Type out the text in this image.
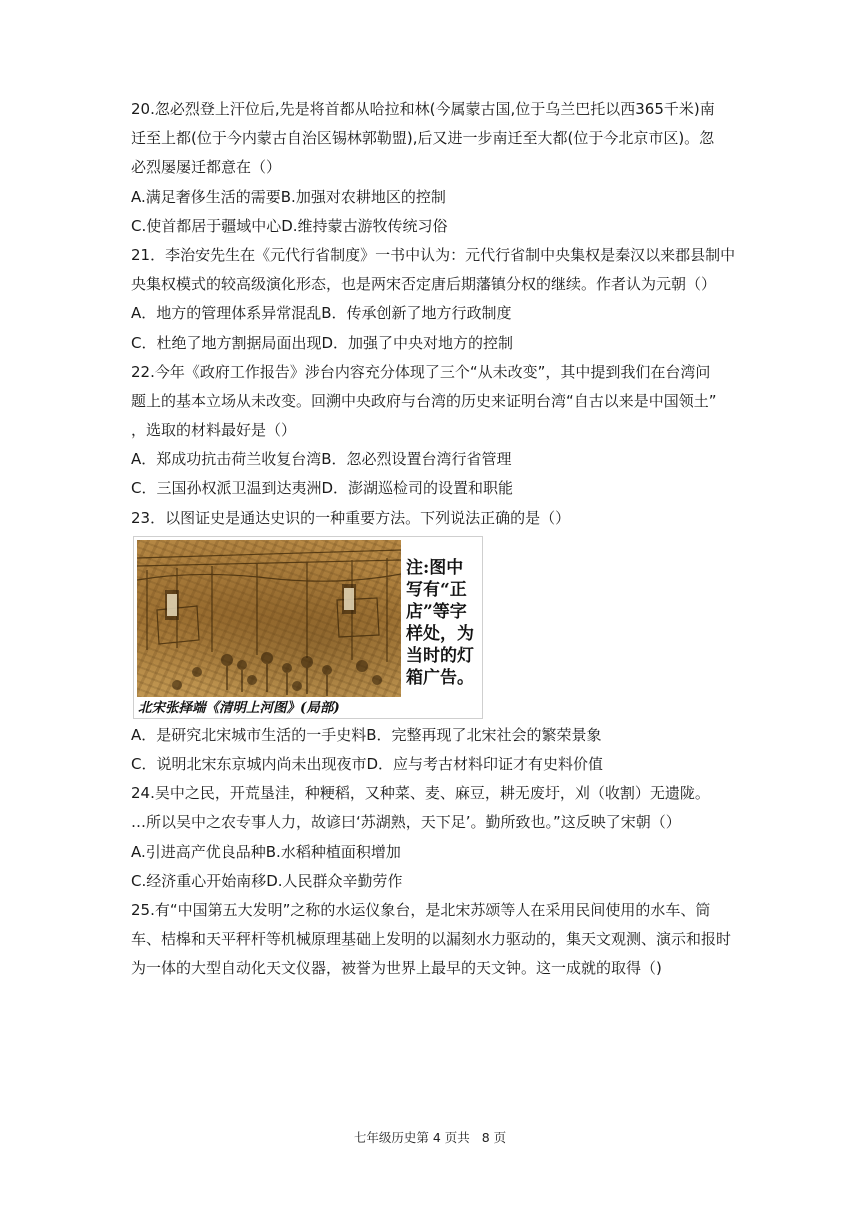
20.忽必烈登上汗位后,先是将首都从哈拉和林(今属蒙古国,位于乌兰巴托以西365千米)南
迁至上都(位于今内蒙古自治区锡林郭勒盟),后又进一步南迁至大都(位于今北京市区)。忽
必烈屡屡迁都意在（）
A.满足奢侈生活的需要B.加强对农耕地区的控制
C.使首都居于疆域中心D.维持蒙古游牧传统习俗
21．李治安先生在《元代行省制度》一书中认为：元代行省制中央集权是秦汉以来郡县制中
央集权模式的较高级演化形态，也是两宋否定唐后期藩镇分权的继续。作者认为元朝（）
A．地方的管理体系异常混乱B．传承创新了地方行政制度
C．杜绝了地方割据局面出现D．加强了中央对地方的控制
22.今年《政府工作报告》涉台内容充分体现了三个“从未改变”，其中提到我们在台湾问
题上的基本立场从未改变。回溯中央政府与台湾的历史来证明台湾“自古以来是中国领土”
，选取的材料最好是（）
A．郑成功抗击荷兰收复台湾B．忽必烈设置台湾行省管理
C．三国孙权派卫温到达夷洲D．澎湖巡检司的设置和职能
23．以图证史是通达史识的一种重要方法。下列说法正确的是（）
注:图中写有“正店”等字样处，为当时的灯箱广告。
北宋张择端《清明上河图》(局部)
A．是研究北宋城市生活的一手史料B．完整再现了北宋社会的繁荣景象
C．说明北宋东京城内尚未出现夜市D．应与考古材料印证才有史料价值
24.吴中之民，开荒垦洼，种粳稻，又种菜、麦、麻豆，耕无废圩，刈（收割）无遗陇。
…所以吴中之农专事人力，故谚曰‘苏湖熟，天下足’。勤所致也。”这反映了宋朝（）
A.引进高产优良品种B.水稻种植面积增加
C.经济重心开始南移D.人民群众辛勤劳作
25.有“中国第五大发明”之称的水运仪象台，是北宋苏颂等人在采用民间使用的水车、筒
车、桔槔和天平秤杆等机械原理基础上发明的以漏刻水力驱动的，集天文观测、演示和报时
为一体的大型自动化天文仪器，被誉为世界上最早的天文钟。这一成就的取得（)
七年级历史第 4 页共   8 页
